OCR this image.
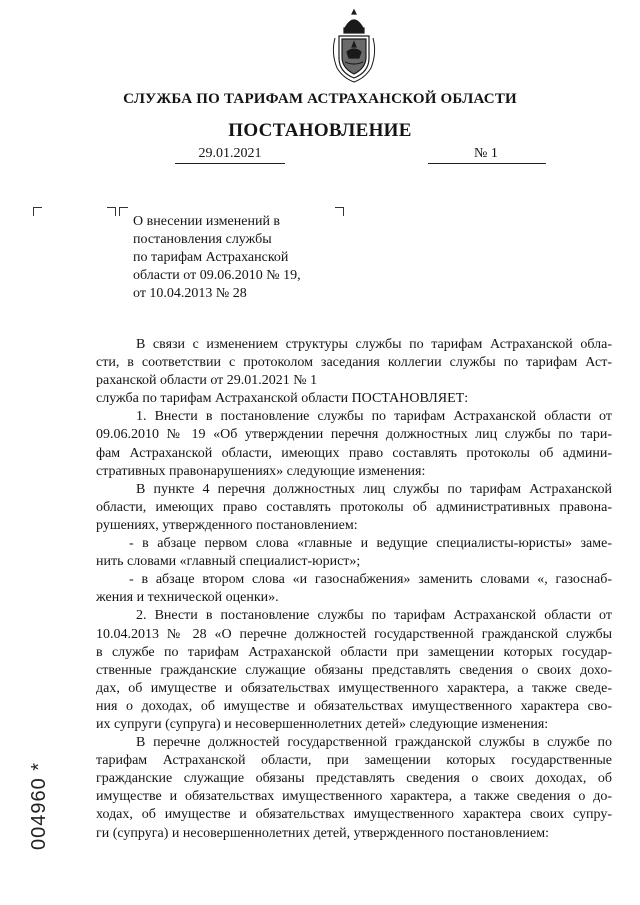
СЛУЖБА ПО ТАРИФАМ АСТРАХАНСКОЙ ОБЛАСТИ
ПОСТАНОВЛЕНИЕ
29.01.2021	№ 1
О внесении изменений в
постановления службы
по тарифам Астраханской
области от 09.06.2010 № 19,
от 10.04.2013 № 28
В связи с изменением структуры службы по тарифам Астраханской обла-
сти, в соответствии с протоколом заседания коллегии службы по тарифам Аст-
раханской области от 29.01.2021 № 1
служба по тарифам Астраханской области ПОСТАНОВЛЯЕТ:
1. Внести в постановление службы по тарифам Астраханской области от
09.06.2010 № 19 «Об утверждении перечня должностных лиц службы по тари-
фам Астраханской области, имеющих право составлять протоколы об админи-
стративных правонарушениях» следующие изменения:
В пункте 4 перечня должностных лиц службы по тарифам Астраханской
области, имеющих право составлять протоколы об административных правона-
рушениях, утвержденного постановлением:
- в абзаце первом слова «главные и ведущие специалисты-юристы» заме-
нить словами «главный специалист-юрист»;
- в абзаце втором слова «и газоснабжения» заменить словами «, газоснаб-
жения и технической оценки».
2. Внести в постановление службы по тарифам Астраханской области от
10.04.2013 № 28 «О перечне должностей государственной гражданской службы
в службе по тарифам Астраханской области при замещении которых государ-
ственные гражданские служащие обязаны представлять сведения о своих дохо-
дах, об имуществе и обязательствах имущественного характера, а также сведе-
ния о доходах, об имуществе и обязательствах имущественного характера сво-
их супруги (супруга) и несовершеннолетних детей» следующие изменения:
В перечне должностей государственной гражданской службы в службе по
тарифам Астраханской области, при замещении которых государственные
гражданские служащие обязаны представлять сведения о своих доходах, об
имуществе и обязательствах имущественного характера, а также сведения о до-
ходах, об имуществе и обязательствах имущественного характера своих супру-
ги (супруга) и несовершеннолетних детей, утвержденного постановлением:
004960 *
